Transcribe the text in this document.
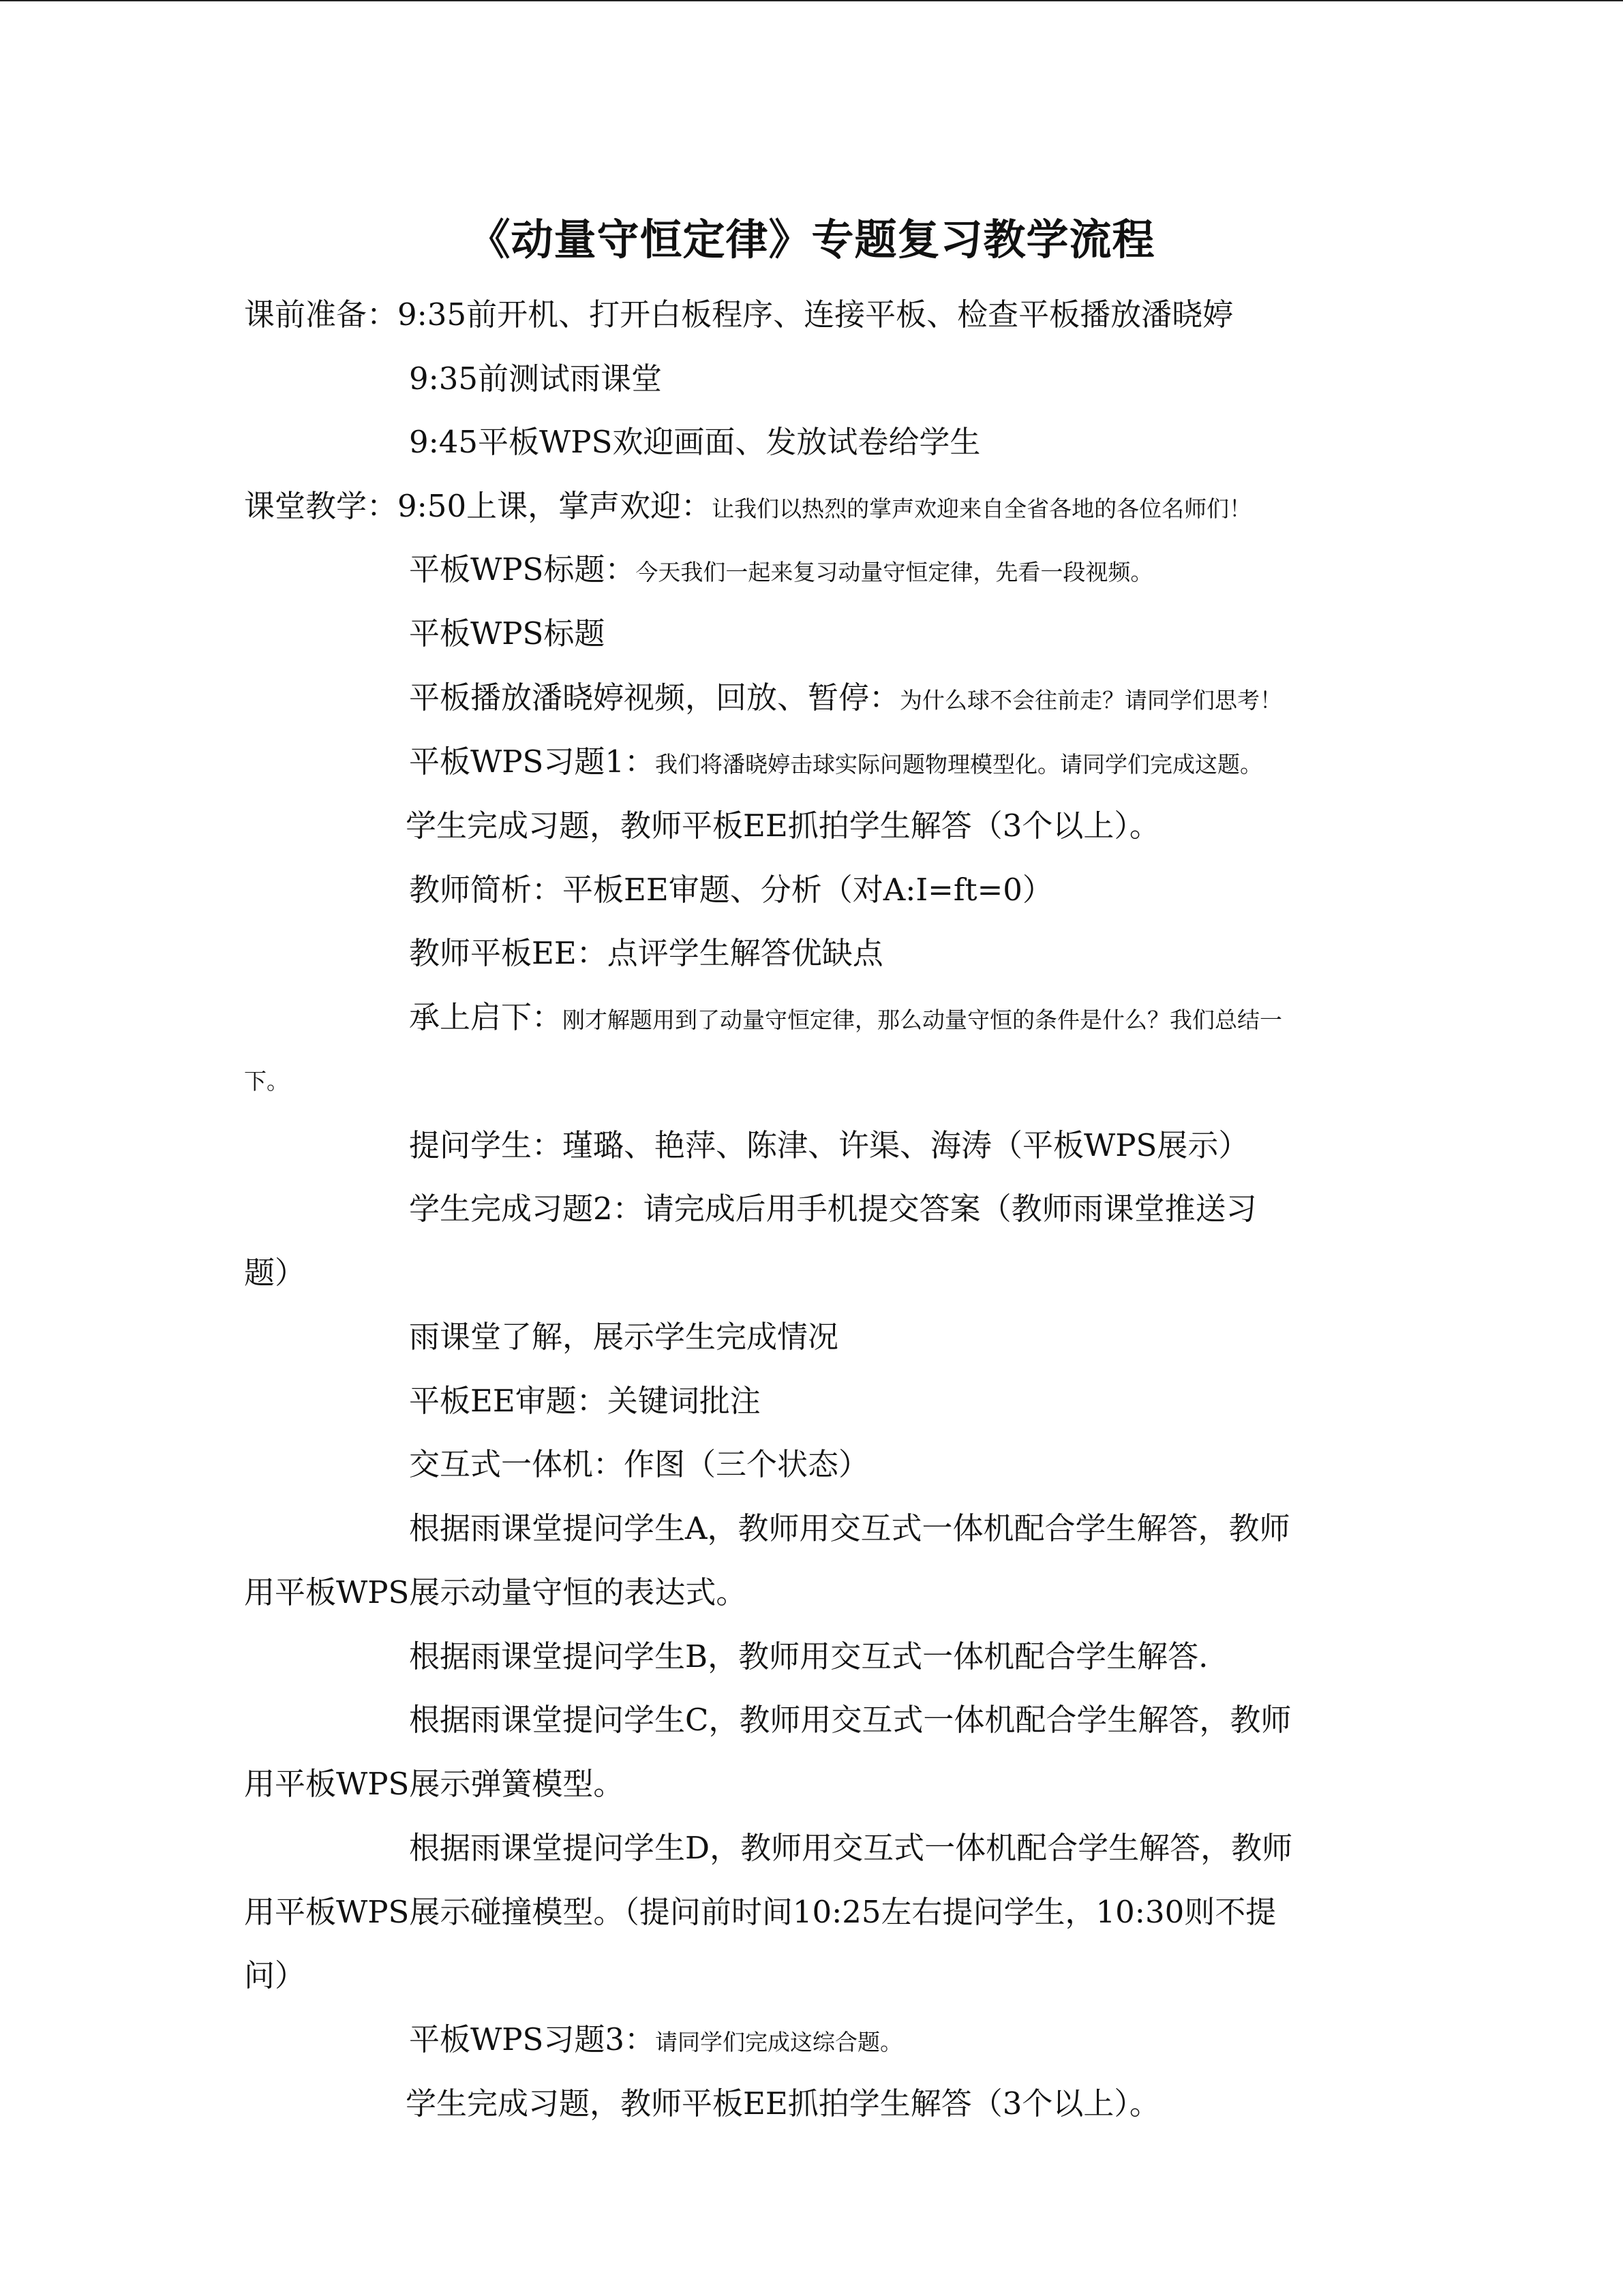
《动量守恒定律》专题复习教学流程
课前准备：9:35前开机、打开白板程序、连接平板、检查平板播放潘晓婷
9:35前测试雨课堂
9:45平板WPS欢迎画面、发放试卷给学生
课堂教学：9:50上课，掌声欢迎：让我们以热烈的掌声欢迎来自全省各地的各位名师们！
平板WPS标题：今天我们一起来复习动量守恒定律，先看一段视频。
平板WPS标题
平板播放潘晓婷视频，回放、暂停：为什么球不会往前走？请同学们思考！
平板WPS习题1：我们将潘晓婷击球实际问题物理模型化。请同学们完成这题。
学生完成习题，教师平板EE抓拍学生解答（3个以上）。
教师简析：平板EE审题、分析（对A:I=ft=0）
教师平板EE：点评学生解答优缺点
承上启下：刚才解题用到了动量守恒定律，那么动量守恒的条件是什么？我们总结一
下。
提问学生：瑾璐、艳萍、陈津、许渠、海涛（平板WPS展示）
学生完成习题2：请完成后用手机提交答案（教师雨课堂推送习
题）
雨课堂了解，展示学生完成情况
平板EE审题：关键词批注
交互式一体机：作图（三个状态）
根据雨课堂提问学生A，教师用交互式一体机配合学生解答，教师
用平板WPS展示动量守恒的表达式。
根据雨课堂提问学生B，教师用交互式一体机配合学生解答.
根据雨课堂提问学生C，教师用交互式一体机配合学生解答，教师
用平板WPS展示弹簧模型。
根据雨课堂提问学生D，教师用交互式一体机配合学生解答，教师
用平板WPS展示碰撞模型。（提问前时间10:25左右提问学生，10:30则不提
问）
平板WPS习题3：请同学们完成这综合题。
学生完成习题，教师平板EE抓拍学生解答（3个以上）。
